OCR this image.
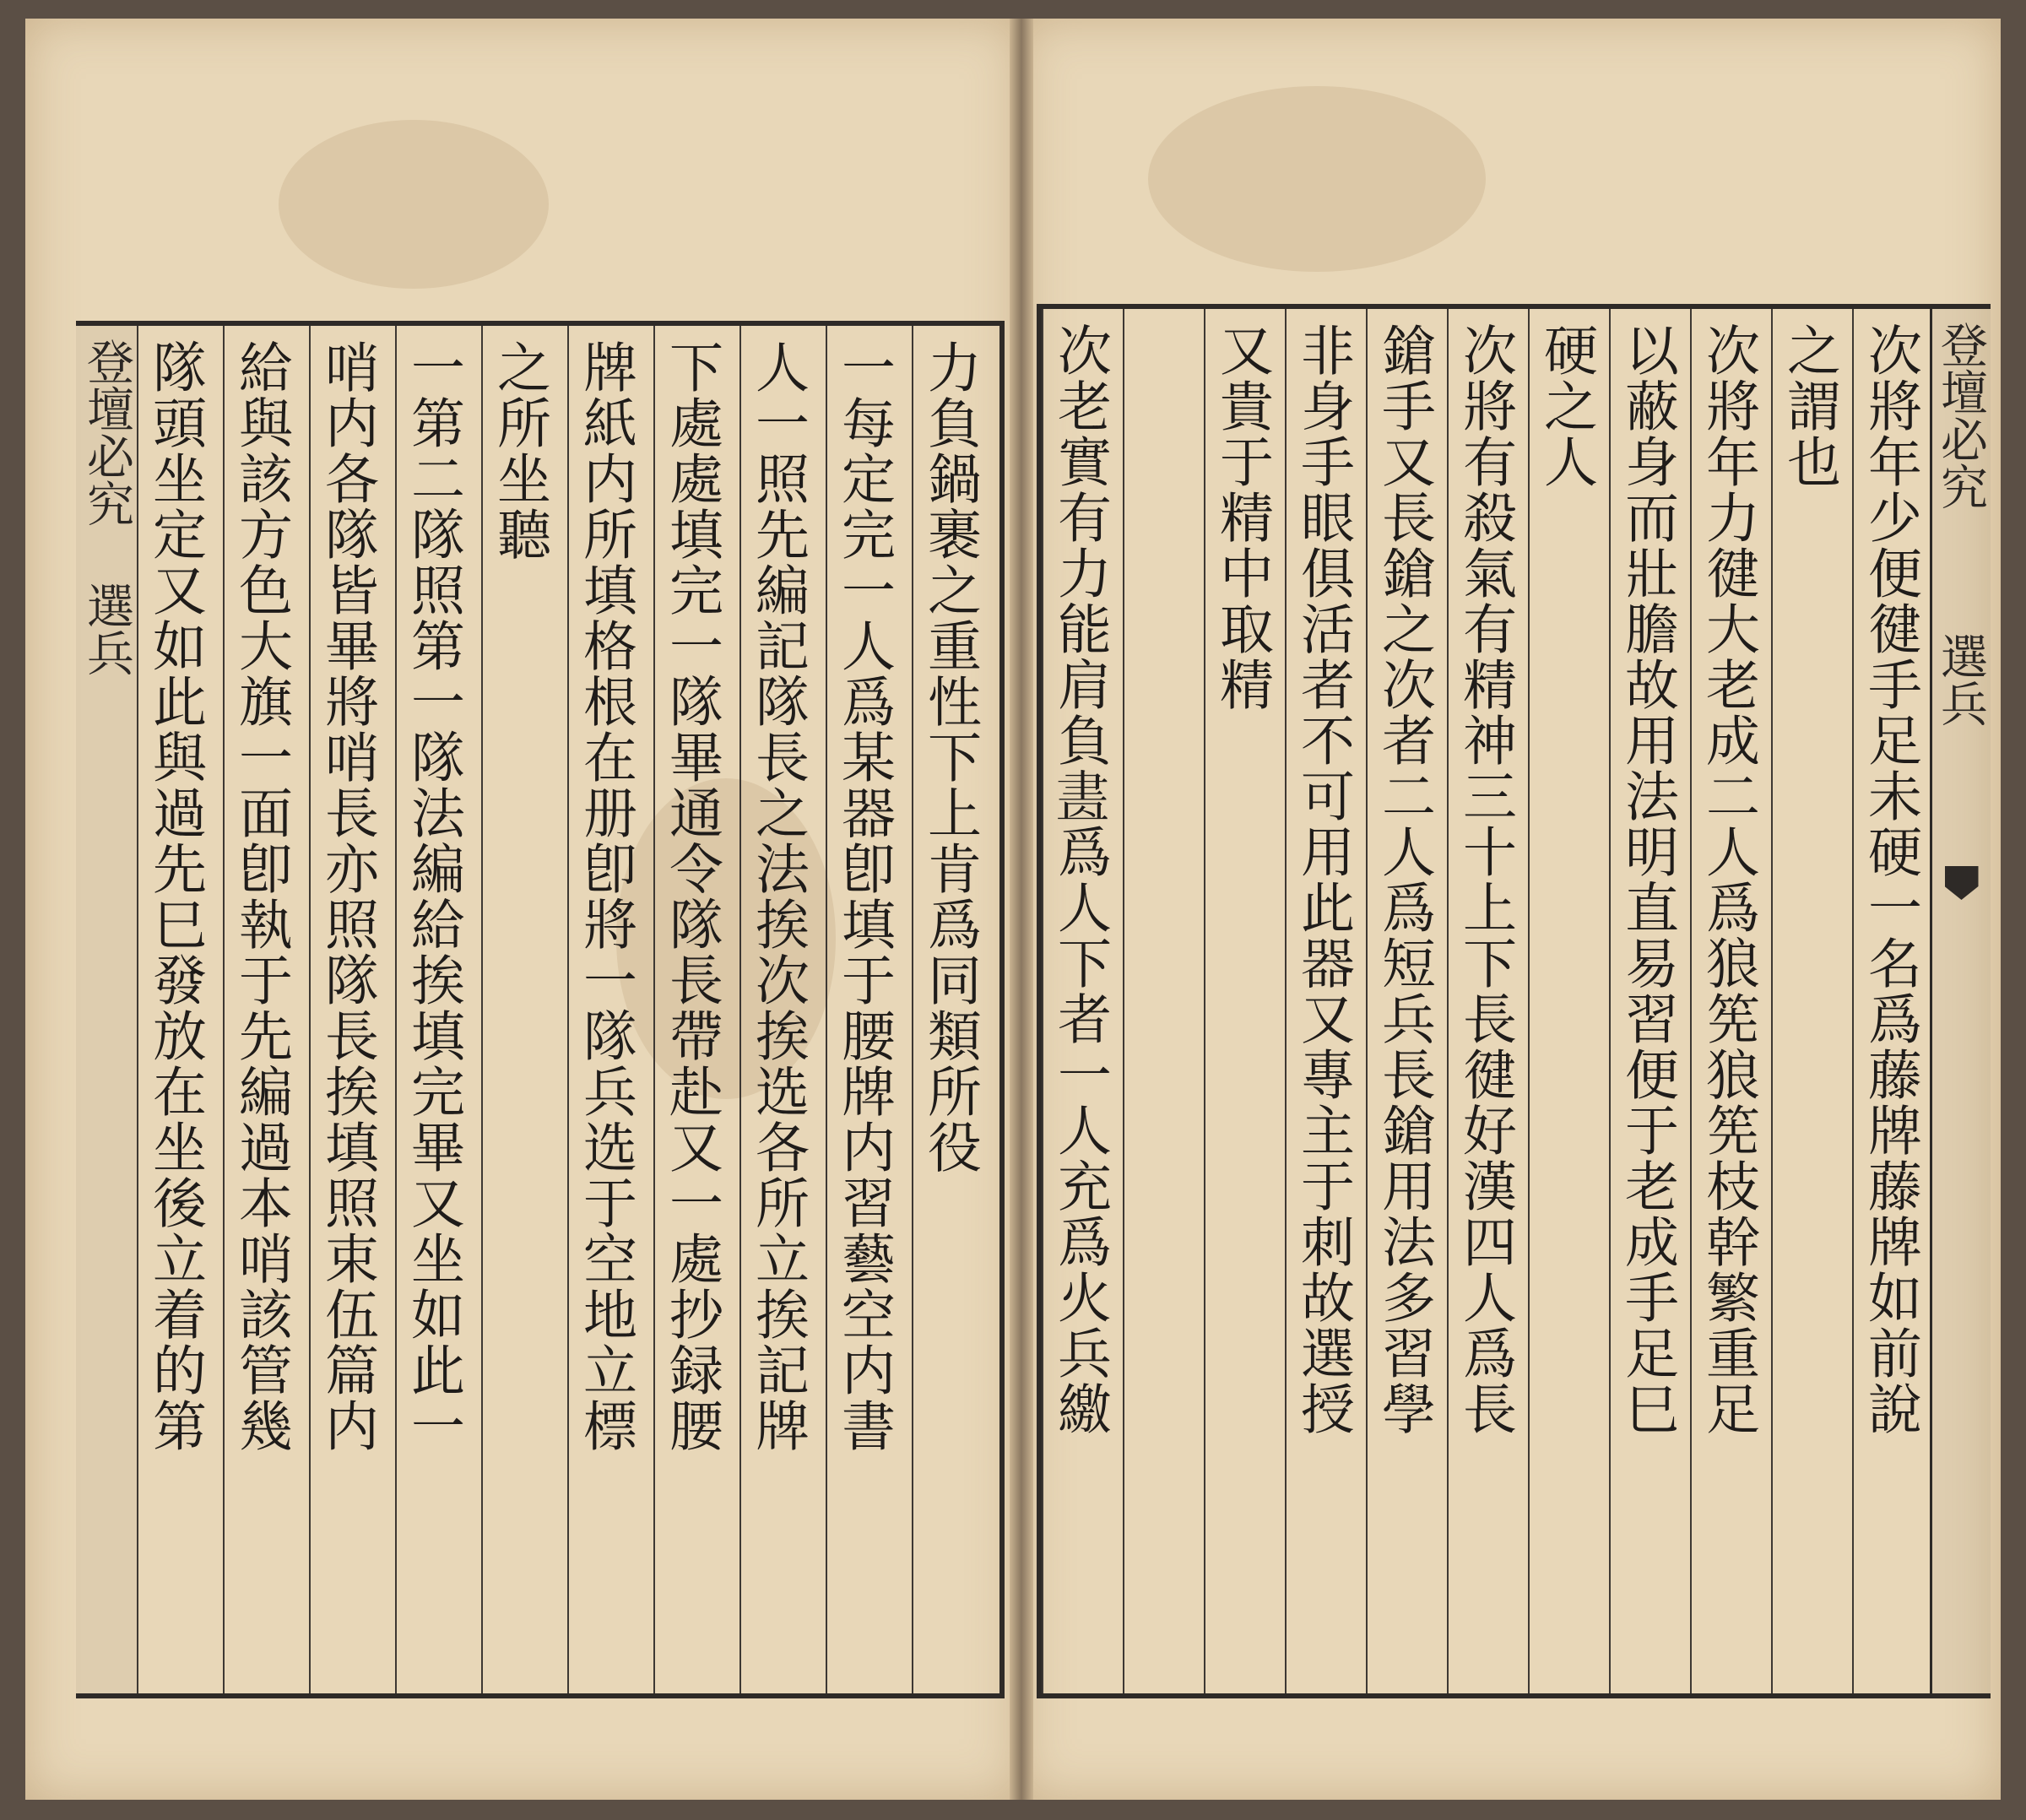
登壇必究 選兵 隊頭坐定又如此與過先巳發放在坐後立着的第 給與該方色大旗一面卽執于先編過本哨該管幾 哨内各隊皆畢將哨長亦照隊長挨填照束伍篇内 一第二隊照第一隊法編給挨填完畢又坐如此一 之所坐聽 牌紙内所填格根在册卽將一隊兵选于空地立標 下處處填完一隊畢通令隊長帶赴又一處抄録腰 人一照先編記隊長之法挨次挨选各所立挨記牌 一每定完一人爲某器卽填于腰牌内習藝空内書 力負鍋裹之重性下上肯爲同類所役 次老實有力能肩負𦘕爲人下者一人充爲火兵繳 又貴于精中取精 非身手眼俱活者不可用此器又專主于刺故選授 鎗手又長鎗之次者二人爲短兵長鎗用法多習學 次將有殺氣有精神三十上下長徤好漢四人爲長 硬之人 以蔽身而壯膽故用法明直易習便于老成手足巳 次將年力徤大老成二人爲狼筅狼筅枝幹繁重足 之謂也 次將年少便徤手足未硬一名爲藤牌藤牌如前說 登壇必究
選兵
